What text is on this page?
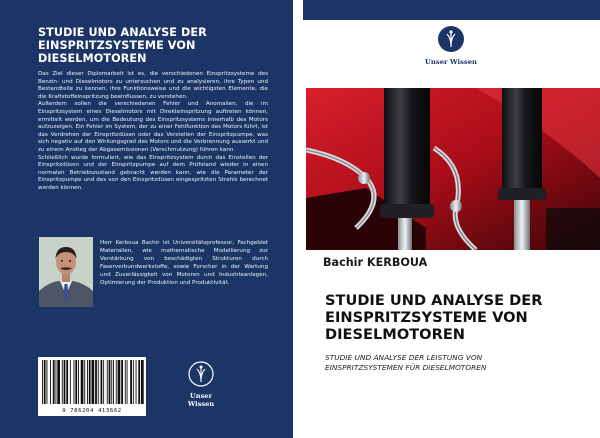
STUDIE UND ANALYSE DER
EINSPRITZSYSTEME VON
DIESELMOTOREN

Das Ziel dieser Diplomarbeit ist es, die verschiedenen Einspritzsysteme des Benzin- und Dieselmotors zu untersuchen und zu analysieren, ihre Typen und Bestandteile zu kennen, ihre Funktionsweise und die wichtigsten Elemente, die die Kraftstoffeinspritzung beeinflussen, zu verstehen.

Außerdem sollen die verschiedenen Fehler und Anomalien, die im Einspritzsystem eines Dieselmotors mit Direkteinspritzung auftreten können, ermittelt werden, um die Bedeutung des Einspritzsystems innerhalb des Motors aufzuzeigen. Ein Fehler im System, der zu einer Fehlfunktion des Motors führt, ist das Verdrehen der Einspritzdüsen oder das Verstellen der Einspritzpumpe, was sich negativ auf den Wirkungsgrad des Motors und die Verbrennung auswirkt und zu einem Anstieg der Abgasemissionen (Verschmutzung) führen kann.

Schließlich wurde formuliert, wie das Einspritzsystem durch das Einstellen der Einspritzdüsen und der Einspritzpumpe auf dem Prüfstand wieder in einen normalen Betriebszustand gebracht werden kann, wie die Parameter der Einspritzpumpe und des von den Einspritzdüsen eingespritzten Strahls berechnet werden können.

Herr Kerboua Bachir ist Universitätsprofessor, Fachgebiet Materialien, wie mathematische Modellierung zur Verstärkung von beschädigten Strukturen durch Faserverbundwerkstoffe, sowie Forscher in der Wartung und Zuverlässigkeit von Motoren und Industrieanlagen, Optimierung der Produktion und Produktivität.
9 786204 413662
Unser Wissen
Unser Wissen
Bachir KERBOUA
STUDIE UND ANALYSE DER
EINSPRITZSYSTEME VON
DIESELMOTOREN
STUDIE UND ANALYSE DER LEISTUNG VON
EINSPRITZSYSTEMEN FÜR DIESELMOTOREN
